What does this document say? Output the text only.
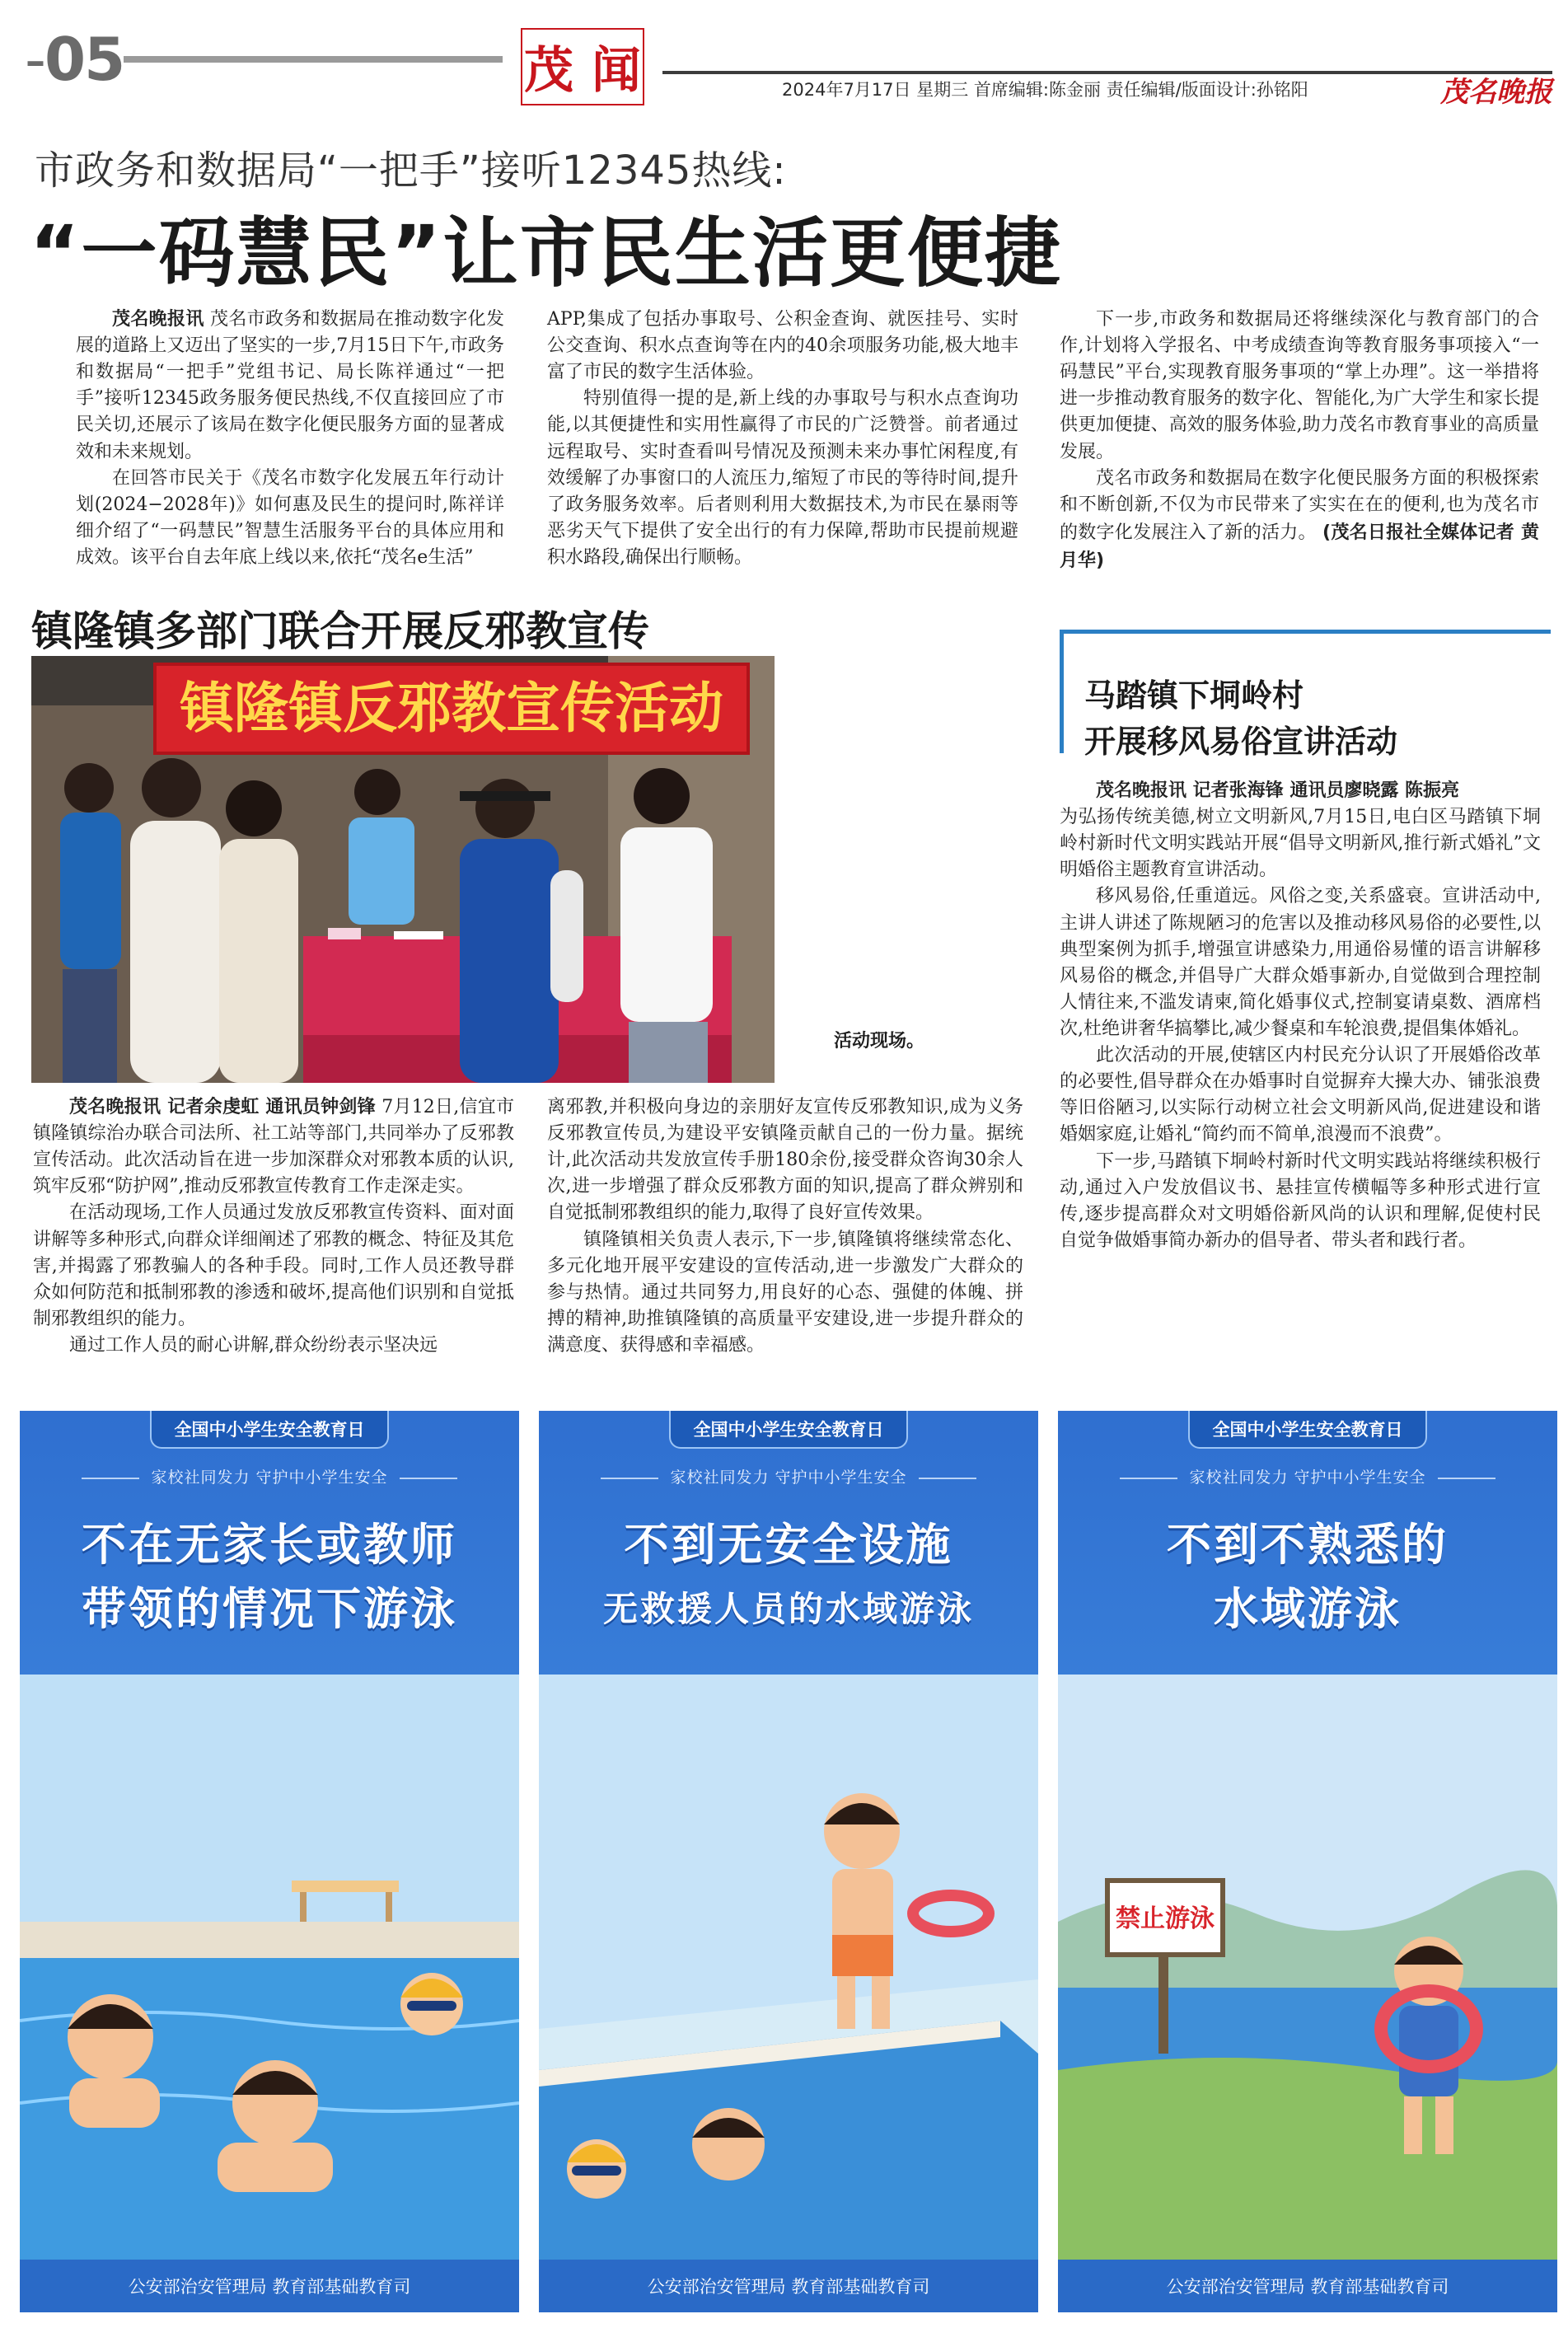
-05	茂 闻	2024年7月17日 星期三 首席编辑:陈金丽 责任编辑/版面设计:孙铭阳	茂名晚报
市政务和数据局“一把手”接听12345热线:
“一码慧民”让市民生活更便捷

茂名晚报讯 茂名市政务和数据局在推动数字化发展的道路上又迈出了坚实的一步,7月15日下午,市政务和数据局“一把手”党组书记、局长陈祥通过“一把手”接听12345政务服务便民热线,不仅直接回应了市民关切,还展示了该局在数字化便民服务方面的显著成效和未来规划。

在回答市民关于《茂名市数字化发展五年行动计划(2024−2028年)》如何惠及民生的提问时,陈祥详细介绍了“一码慧民”智慧生活服务平台的具体应用和成效。该平台自去年底上线以来,依托“茂名e生活”

APP,集成了包括办事取号、公积金查询、就医挂号、实时公交查询、积水点查询等在内的40余项服务功能,极大地丰富了市民的数字生活体验。

特别值得一提的是,新上线的办事取号与积水点查询功能,以其便捷性和实用性赢得了市民的广泛赞誉。前者通过远程取号、实时查看叫号情况及预测未来办事忙闲程度,有效缓解了办事窗口的人流压力,缩短了市民的等待时间,提升了政务服务效率。后者则利用大数据技术,为市民在暴雨等恶劣天气下提供了安全出行的有力保障,帮助市民提前规避积水路段,确保出行顺畅。

下一步,市政务和数据局还将继续深化与教育部门的合作,计划将入学报名、中考成绩查询等教育服务事项接入“一码慧民”平台,实现教育服务事项的“掌上办理”。这一举措将进一步推动教育服务的数字化、智能化,为广大学生和家长提供更加便捷、高效的服务体验,助力茂名市教育事业的高质量发展。

茂名市政务和数据局在数字化便民服务方面的积极探索和不断创新,不仅为市民带来了实实在在的便利,也为茂名市的数字化发展注入了新的活力。 (茂名日报社全媒体记者 黄月华)

镇隆镇多部门联合开展反邪教宣传
镇隆镇反邪教宣传活动
活动现场。

茂名晚报讯 记者余虔虹 通讯员钟剑锋 7月12日,信宜市镇隆镇综治办联合司法所、社工站等部门,共同举办了反邪教宣传活动。此次活动旨在进一步加深群众对邪教本质的认识,筑牢反邪“防护网”,推动反邪教宣传教育工作走深走实。

在活动现场,工作人员通过发放反邪教宣传资料、面对面讲解等多种形式,向群众详细阐述了邪教的概念、特征及其危害,并揭露了邪教骗人的各种手段。同时,工作人员还教导群众如何防范和抵制邪教的渗透和破坏,提高他们识别和自觉抵制邪教组织的能力。

通过工作人员的耐心讲解,群众纷纷表示坚决远

离邪教,并积极向身边的亲朋好友宣传反邪教知识,成为义务反邪教宣传员,为建设平安镇隆贡献自己的一份力量。据统计,此次活动共发放宣传手册180余份,接受群众咨询30余人次,进一步增强了群众反邪教方面的知识,提高了群众辨别和自觉抵制邪教组织的能力,取得了良好宣传效果。

镇隆镇相关负责人表示,下一步,镇隆镇将继续常态化、多元化地开展平安建设的宣传活动,进一步激发广大群众的参与热情。通过共同努力,用良好的心态、强健的体魄、拼搏的精神,助推镇隆镇的高质量平安建设,进一步提升群众的满意度、获得感和幸福感。

马踏镇下垌岭村
开展移风易俗宣讲活动

茂名晚报讯 记者张海锋 通讯员廖晓露 陈振亮

为弘扬传统美德,树立文明新风,7月15日,电白区马踏镇下垌岭村新时代文明实践站开展“倡导文明新风,推行新式婚礼”文明婚俗主题教育宣讲活动。

移风易俗,任重道远。风俗之变,关系盛衰。宣讲活动中,主讲人讲述了陈规陋习的危害以及推动移风易俗的必要性,以典型案例为抓手,增强宣讲感染力,用通俗易懂的语言讲解移风易俗的概念,并倡导广大群众婚事新办,自觉做到合理控制人情往来,不滥发请柬,简化婚事仪式,控制宴请桌数、酒席档次,杜绝讲奢华搞攀比,减少餐桌和车轮浪费,提倡集体婚礼。

此次活动的开展,使辖区内村民充分认识了开展婚俗改革的必要性,倡导群众在办婚事时自觉摒弃大操大办、铺张浪费等旧俗陋习,以实际行动树立社会文明新风尚,促进建设和谐婚姻家庭,让婚礼“简约而不简单,浪漫而不浪费”。

下一步,马踏镇下垌岭村新时代文明实践站将继续积极行动,通过入户发放倡议书、悬挂宣传横幅等多种形式进行宣传,逐步提高群众对文明婚俗新风尚的认识和理解,促使村民自觉争做婚事简办新办的倡导者、带头者和践行者。

全国中小学生安全教育日
家校社同发力 守护中小学生安全
不在无家长或教师
带领的情况下游泳
公安部治安管理局 教育部基础教育司
全国中小学生安全教育日
家校社同发力 守护中小学生安全
不到无安全设施
无救援人员的水域游泳
公安部治安管理局 教育部基础教育司
全国中小学生安全教育日
家校社同发力 守护中小学生安全
不到不熟悉的
水域游泳
禁止游泳
公安部治安管理局 教育部基础教育司
